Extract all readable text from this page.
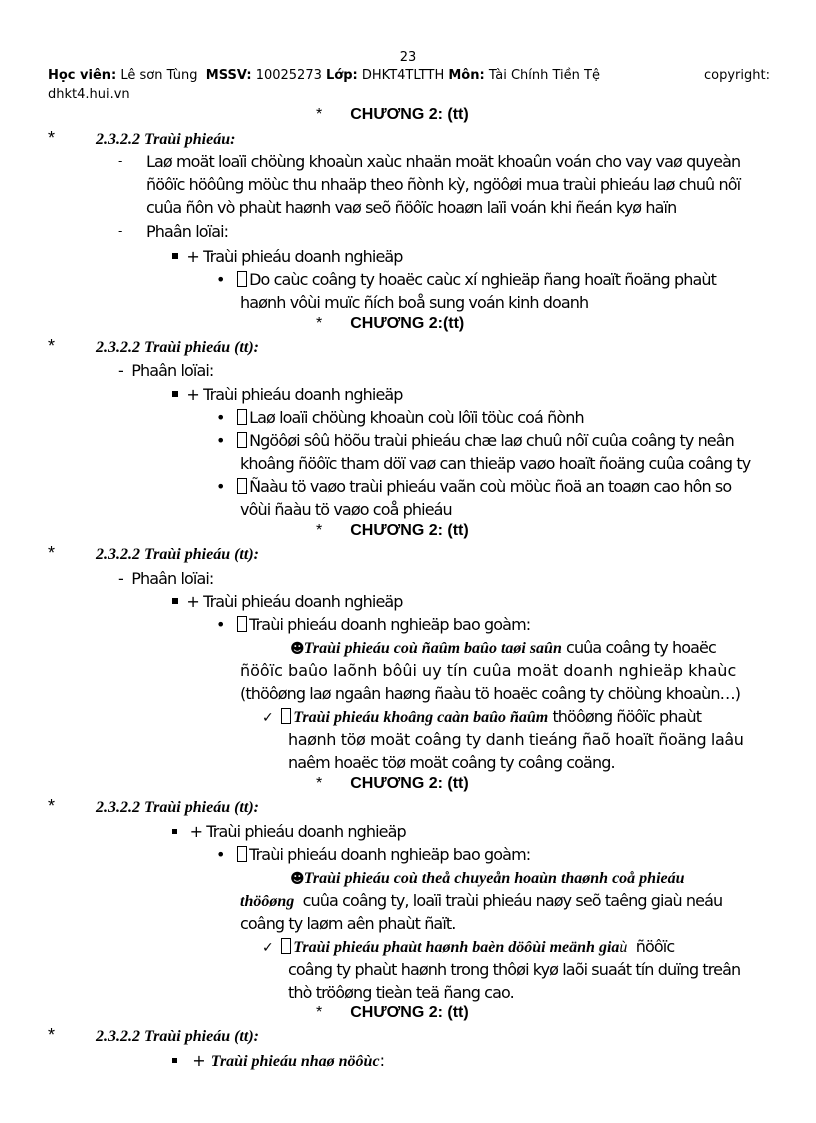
23
Học viên: Lê sơn Tùng MSSV: 10025273 Lớp: DHKT4TLTTH Môn: Tài Chính Tiền Tệ	copyright:
dhkt4.hui.vn
* CHƯƠNG 2: (tt)
*	2.3.2.2 Traùi phieáu:
- Laø moät loaïi chöùng khoaùn xaùc nhaän moät khoaûn voán cho vay vaø quyeàn
ñöôïc höôûng möùc thu nhaäp theo ñònh kỳ, ngöôøi mua traùi phieáu laø chuû nôï
cuûa ñôn vò phaùt haønh vaø seõ ñöôïc hoaøn laïi voán khi ñeán kyø haïn
- Phaân loïai:
+ Traùi phieáu doanh nghieäp
• Do caùc coâng ty hoaëc caùc xí nghieäp ñang hoaït ñoäng phaùt
haønh vôùi muïc ñích boå sung voán kinh doanh
* CHƯƠNG 2:(tt)
*	2.3.2.2 Traùi phieáu (tt):
- Phaân loïai:
+ Traùi phieáu doanh nghieäp
• Laø loaïi chöùng khoaùn coù lôïi töùc coá ñònh
• Ngöôøi sôû höõu traùi phieáu chæ laø chuû nôï cuûa coâng ty neân
khoâng ñöôïc tham döï vaø can thieäp vaøo hoaït ñoäng cuûa coâng ty
• Ñaàu tö vaøo traùi phieáu vaãn coù möùc ñoä an toaøn cao hôn so
vôùi ñaàu tö vaøo coå phieáu
* CHƯƠNG 2: (tt)
*	2.3.2.2 Traùi phieáu (tt):
- Phaân loïai:
+ Traùi phieáu doanh nghieäp
• Traùi phieáu doanh nghieäp bao goàm:
☻Traùi phieáu coù ñaûm baûo taøi saûn cuûa coâng ty hoaëc
ñöôïc baûo laõnh bôûi uy tín cuûa moät doanh nghieäp khaùc
(thöôøng laø ngaân haøng ñaàu tö hoaëc coâng ty chöùng khoaùn…)
✓ Traùi phieáu khoâng caàn baûo ñaûm thöôøng ñöôïc phaùt
haønh töø moät coâng ty danh tieáng ñaõ hoaït ñoäng laâu
naêm hoaëc töø moät coâng ty coâng coäng.
* CHƯƠNG 2: (tt)
*	2.3.2.2 Traùi phieáu (tt):
+ Traùi phieáu doanh nghieäp
• Traùi phieáu doanh nghieäp bao goàm:
☻Traùi phieáu coù theå chuyeån hoaùn thaønh coå phieáu
thöôøng cuûa coâng ty, loaïi traùi phieáu naøy seõ taêng giaù neáu
coâng ty laøm aên phaùt ñaït.
✓ Traùi phieáu phaùt haønh baèn döôùi meänh giaù ñöôïc
coâng ty phaùt haønh trong thôøi kyø laõi suaát tín duïng treân
thò tröôøng tieàn teä ñang cao.
* CHƯƠNG 2: (tt)
*	2.3.2.2 Traùi phieáu (tt):
+ Traùi phieáu nhaø nöôùc:
